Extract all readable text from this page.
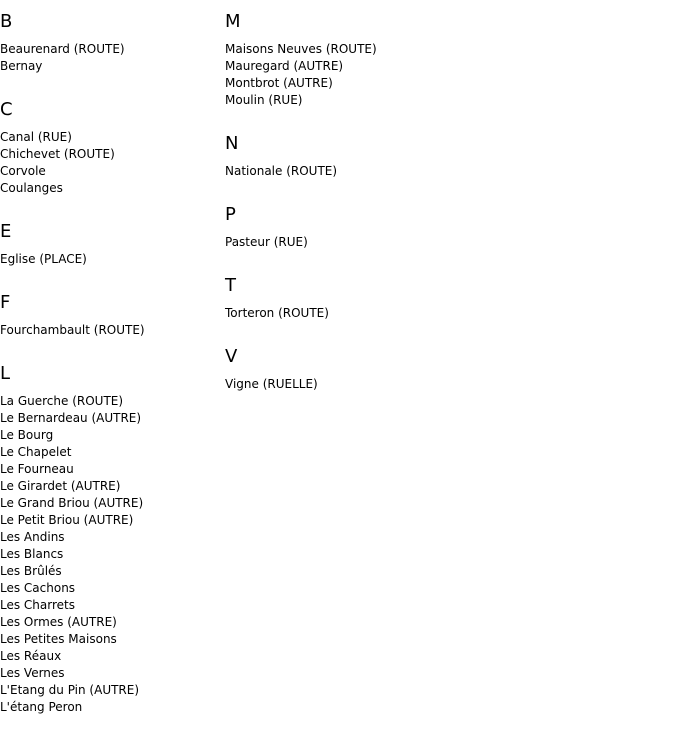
B
Beaurenard (ROUTE)
Bernay
C
Canal (RUE)
Chichevet (ROUTE)
Corvole
Coulanges
E
Eglise (PLACE)
F
Fourchambault (ROUTE)
L
La Guerche (ROUTE)
Le Bernardeau (AUTRE)
Le Bourg
Le Chapelet
Le Fourneau
Le Girardet (AUTRE)
Le Grand Briou (AUTRE)
Le Petit Briou (AUTRE)
Les Andins
Les Blancs
Les Brûlés
Les Cachons
Les Charrets
Les Ormes (AUTRE)
Les Petites Maisons
Les Réaux
Les Vernes
L'Etang du Pin (AUTRE)
L'étang Peron
M
Maisons Neuves (ROUTE)
Mauregard (AUTRE)
Montbrot (AUTRE)
Moulin (RUE)
N
Nationale (ROUTE)
P
Pasteur (RUE)
T
Torteron (ROUTE)
V
Vigne (RUELLE)
